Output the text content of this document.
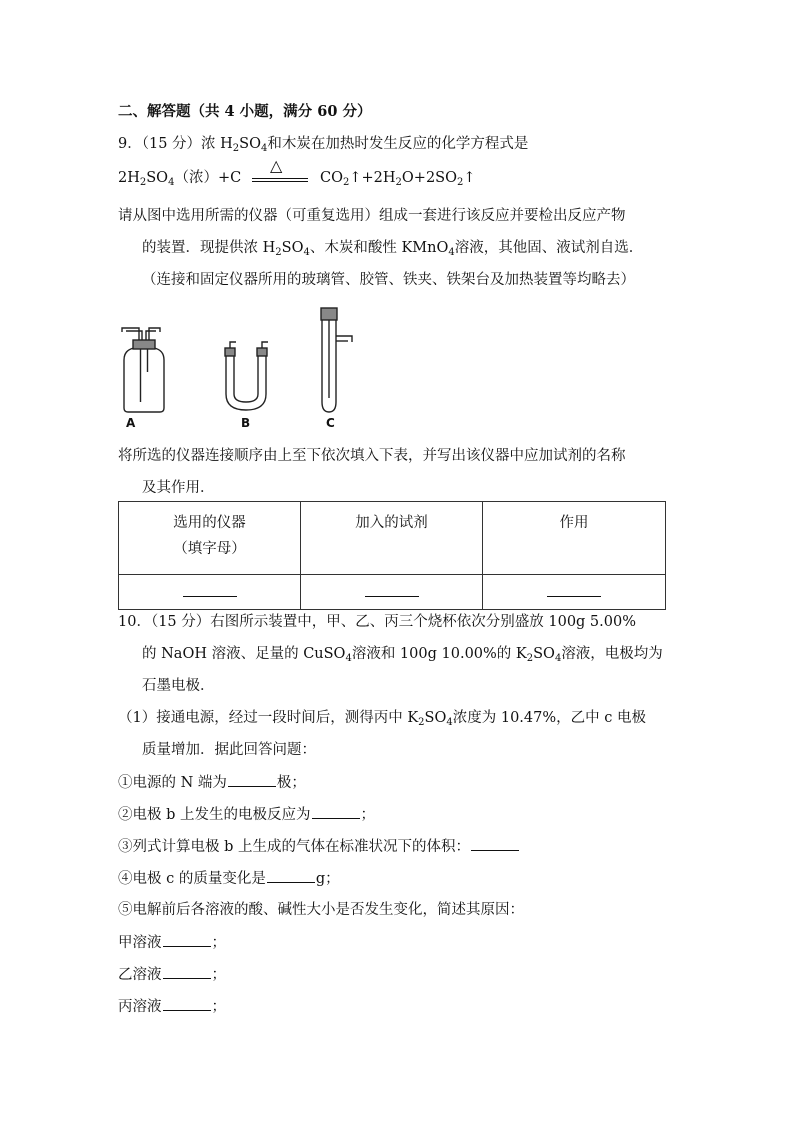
二、解答题（共 4 小题，满分 60 分）
9．（15 分）浓 $H_2SO_4$和木炭在加热时发生反应的化学方程式是
$2H_2SO_4$（浓）+C
△
$CO_2↑+2H_2O+2SO_2↑$
请从图中选用所需的仪器（可重复选用）组成一套进行该反应并要检出反应产物
的装置．现提供浓 $H_2SO_4$、木炭和酸性 KMnO$_4$溶液，其他固、液试剂自选．
（连接和固定仪器所用的玻璃管、胶管、铁夹、铁架台及加热装置等均略去）
A	B	C
将所选的仪器连接顺序由上至下依次填入下表，并写出该仪器中应加试剂的名称
及其作用．
选用的仪器
（填字母）	加入的试剂	作用

10．（15 分）右图所示装置中，甲、乙、丙三个烧杯依次分别盛放 100g 5.00%
的 NaOH 溶液、足量的 CuSO$_4$溶液和 100g 10.00%的 $K_2SO_4$溶液，电极均为
石墨电极．
（1）接通电源，经过一段时间后，测得丙中 $K_2SO_4$浓度为 10.47%，乙中 c 电极
质量增加．据此回答问题：
①电源的 N 端为	极；
②电极 b 上发生的电极反应为	；
③列式计算电极 b 上生成的气体在标准状况下的体积：
④电极 c 的质量变化是	g；
⑤电解前后各溶液的酸、碱性大小是否发生变化，简述其原因：
甲溶液	；
乙溶液	；
丙溶液	；
